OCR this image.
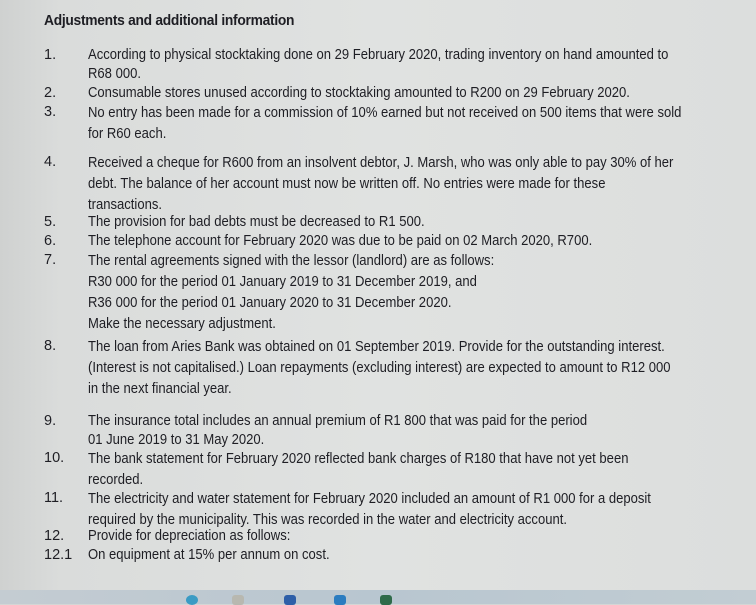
Adjustments and additional information
1.	According to physical stocktaking done on 29 February 2020, trading inventory on hand amounted to
R68 000.
2.	Consumable stores unused according to stocktaking amounted to R200 on 29 February 2020.
3.	No entry has been made for a commission of 10% earned but not received on 500 items that were sold
for R60 each.
4.	Received a cheque for R600 from an insolvent debtor, J. Marsh, who was only able to pay 30% of her
debt. The balance of her account must now be written off. No entries were made for these
transactions.
5.	The provision for bad debts must be decreased to R1 500.
6.	The telephone account for February 2020 was due to be paid on 02 March 2020, R700.
7.	The rental agreements signed with the lessor (landlord) are as follows:
R30 000 for the period 01 January 2019 to 31 December 2019, and
R36 000 for the period 01 January 2020 to 31 December 2020.
Make the necessary adjustment.
8.	The loan from Aries Bank was obtained on 01 September 2019. Provide for the outstanding interest.
(Interest is not capitalised.) Loan repayments (excluding interest) are expected to amount to R12 000
in the next financial year.
9.	The insurance total includes an annual premium of R1 800 that was paid for the period
01 June 2019 to 31 May 2020.
10.	The bank statement for February 2020 reflected bank charges of R180 that have not yet been
recorded.
11.	The electricity and water statement for February 2020 included an amount of R1 000 for a deposit
required by the municipality. This was recorded in the water and electricity account.
12.	Provide for depreciation as follows:
12.1	On equipment at 15% per annum on cost.
